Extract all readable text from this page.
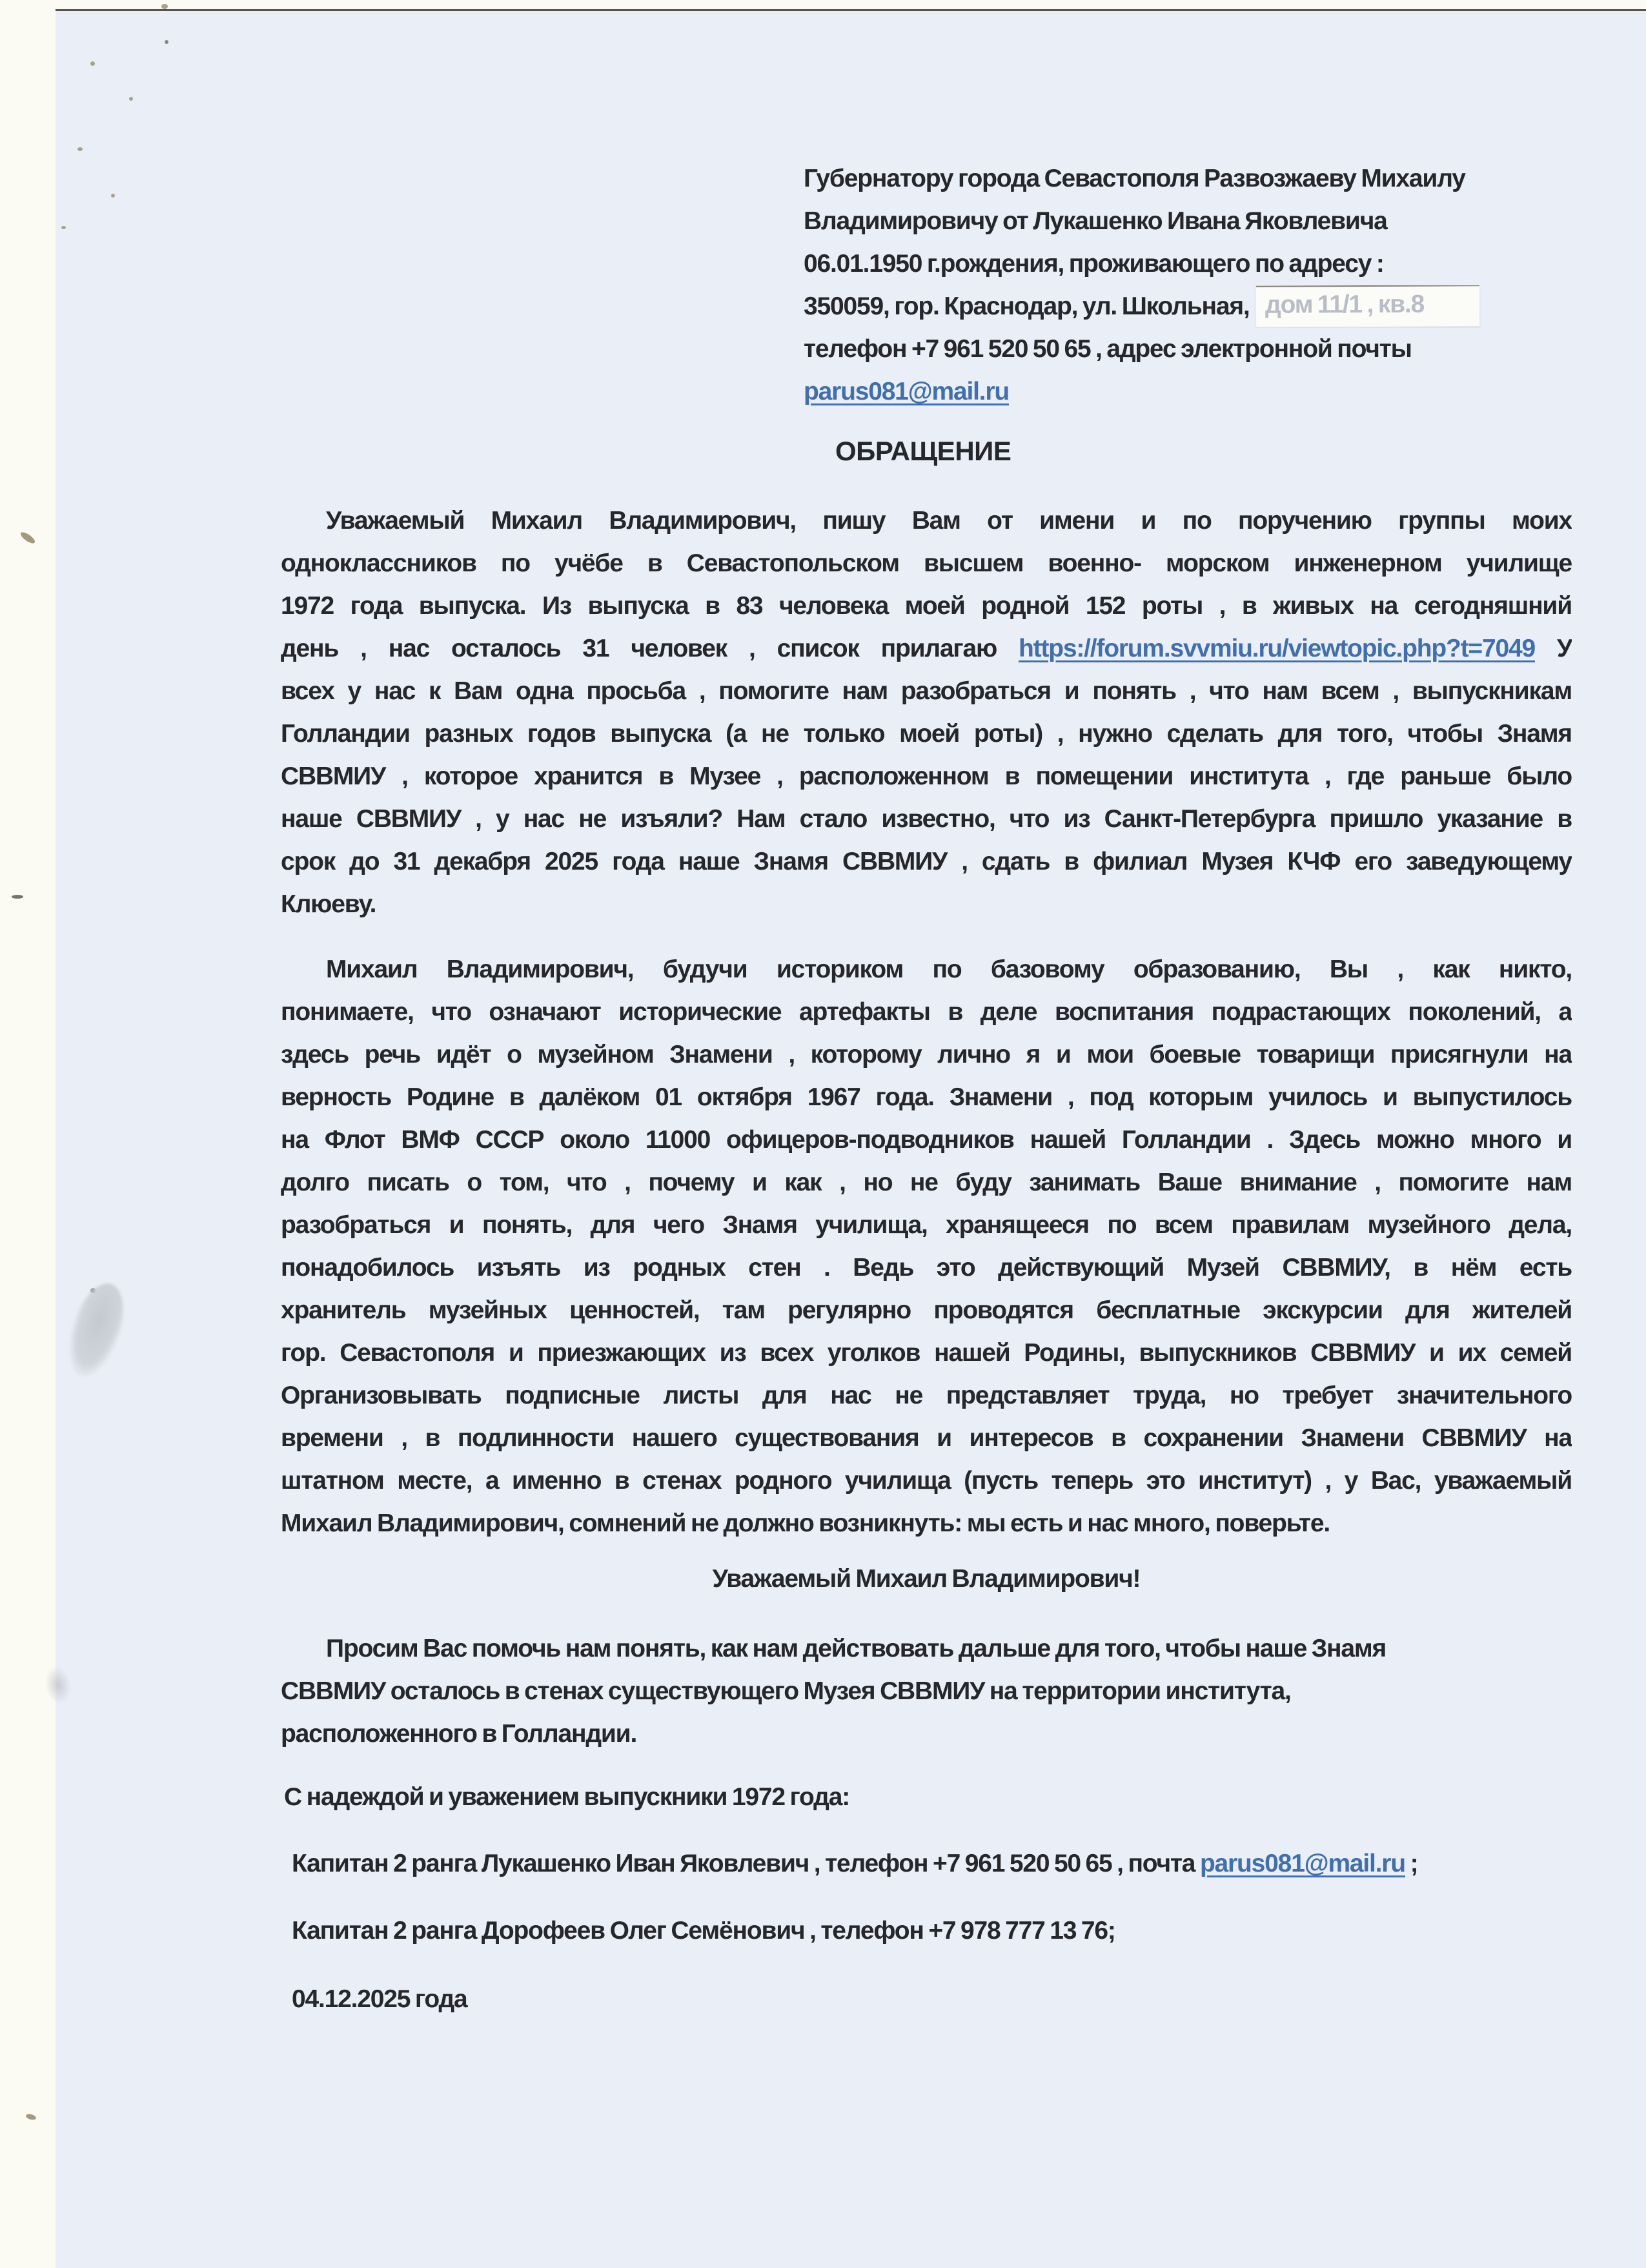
Губернатору города Севастополя Развозжаеву Михаилу
Владимировичу от Лукашенко Ивана Яковлевича
06.01.1950 г.рождения, проживающего по адресу :
350059, гор. Краснодар, ул. Школьная, дом 11/1 , кв.8
телефон +7 961 520 50 65 , адрес электронной почты
parus081@mail.ru
ОБРАЩЕНИЕ
Уважаемый Михаил Владимирович, пишу Вам от имени и по поручению группы моих
одноклассников по учёбе в Севастопольском высшем военно- морском инженерном училище
1972 года выпуска. Из выпуска в 83 человека моей родной 152 роты , в живых на сегодняшний
день , нас осталось 31 человек , список прилагаю https://forum.svvmiu.ru/viewtopic.php?t=7049 У
всех у нас к Вам одна просьба , помогите нам разобраться и понять , что нам всем , выпускникам
Голландии разных годов выпуска (а не только моей роты) , нужно сделать для того, чтобы Знамя
СВВМИУ , которое хранится в Музее , расположенном в помещении института , где раньше было
наше СВВМИУ , у нас не изъяли? Нам стало известно, что из Санкт-Петербурга пришло указание в
срок до 31 декабря 2025 года наше Знамя СВВМИУ , сдать в филиал Музея КЧФ его заведующему
Клюеву.
Михаил Владимирович, будучи историком по базовому образованию, Вы , как никто,
понимаете, что означают исторические артефакты в деле воспитания подрастающих поколений, а
здесь речь идёт о музейном Знамени , которому лично я и мои боевые товарищи присягнули на
верность Родине в далёком 01 октября 1967 года. Знамени , под которым училось и выпустилось
на Флот ВМФ СССР около 11000 офицеров-подводников нашей Голландии . Здесь можно много и
долго писать о том, что , почему и как , но не буду занимать Ваше внимание , помогите нам
разобраться и понять, для чего Знамя училища, хранящееся по всем правилам музейного дела,
понадобилось изъять из родных стен . Ведь это действующий Музей СВВМИУ, в нём есть
хранитель музейных ценностей, там регулярно проводятся бесплатные экскурсии для жителей
гор. Севастополя и приезжающих из всех уголков нашей Родины, выпускников СВВМИУ и их семей
Организовывать подписные листы для нас не представляет труда, но требует значительного
времени , в подлинности нашего существования и интересов в сохранении Знамени СВВМИУ на
штатном месте, а именно в стенах родного училища (пусть теперь это институт) , у Вас, уважаемый
Михаил Владимирович, сомнений не должно возникнуть: мы есть и нас много, поверьте.
Уважаемый Михаил Владимирович!
Просим Вас помочь нам понять, как нам действовать дальше для того, чтобы наше Знамя
СВВМИУ осталось в стенах существующего Музея СВВМИУ на территории института,
расположенного в Голландии.
С надеждой и уважением выпускники 1972 года:
Капитан 2 ранга Лукашенко Иван Яковлевич , телефон +7 961 520 50 65 , почта parus081@mail.ru ;
Капитан 2 ранга Дорофеев Олег Семёнович , телефон +7 978 777 13 76;
04.12.2025 года
